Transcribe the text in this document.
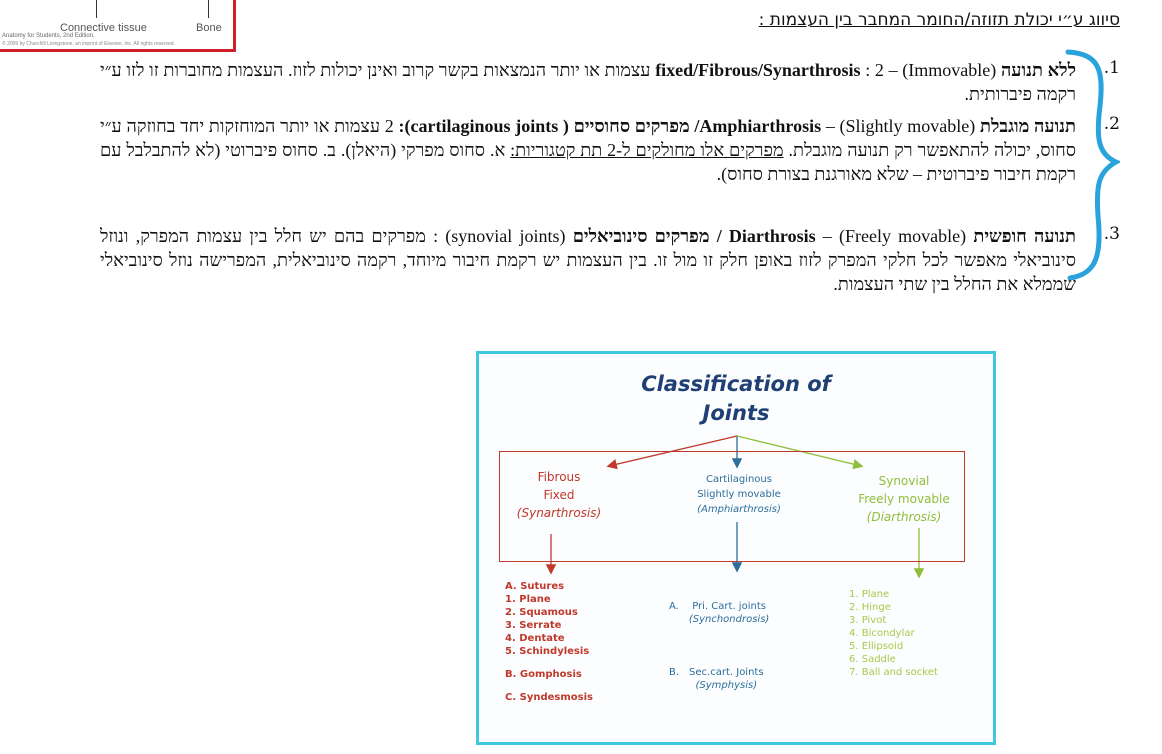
Connective tissue	Bone
Anatomy for Students, 2nd Edition.
© 2009 by Churchill Livingstone, an imprint of Elsevier, Inc. All rights reserved.
סיווג ע״י יכולת תזוזה/החומר המחבר בין העצמות :
1.
ללא תנועה (Immovable) – fixed/Fibrous/Synarthrosis : 2 עצמות או יותר הנמצאות בקשר קרוב ואינן יכולות לזוז. העצמות מחוברות זו לזו ע״י רקמה פיברותית.
2.
תנועה מוגבלת (Slightly movable) – Amphiarthrosis/ מפרקים סחוסיים ( cartilaginous joints): 2 עצמות או יותר המוחזקות יחד בחוזקה ע״י סחוס, יכולה להתאפשר רק תנועה מוגבלת. מפרקים אלו מחולקים ל-2 תת קטגוריות: א. סחוס מפרקי (היאלן). ב. סחוס פיברוטי (לא להתבלבל עם רקמת חיבור פיברוטית – שלא מאורגנת בצורת סחוס).
3.
תנועה חופשית (Freely movable) – Diarthrosis / מפרקים סינוביאלים (synovial joints) : מפרקים בהם יש חלל בין עצמות המפרק, ונוזל סינוביאלי מאפשר לכל חלקי המפרק לזוז באופן חלק זו מול זו. בין העצמות יש רקמת חיבור מיוחד, רקמה סינוביאלית, המפרישה נוזל סינוביאלי שממלא את החלל בין שתי העצמות.
Classification of
Joints
Fibrous
Fixed
(Synarthrosis)
Cartilaginous
Slightly movable
(Amphiarthrosis)
Synovial
Freely movable
(Diarthrosis)
A. Sutures
1. Plane
2. Squamous
3. Serrate
4. Dentate
5. Schindylesis
B. Gomphosis
C. Syndesmosis
A.	Pri. Cart. joints
(Synchondrosis)
B. Sec.cart. Joints
(Symphysis)
1. Plane
2. Hinge
3. Pivot
4. Bicondylar
5. Ellipsoid
6. Saddle
7. Ball and socket
